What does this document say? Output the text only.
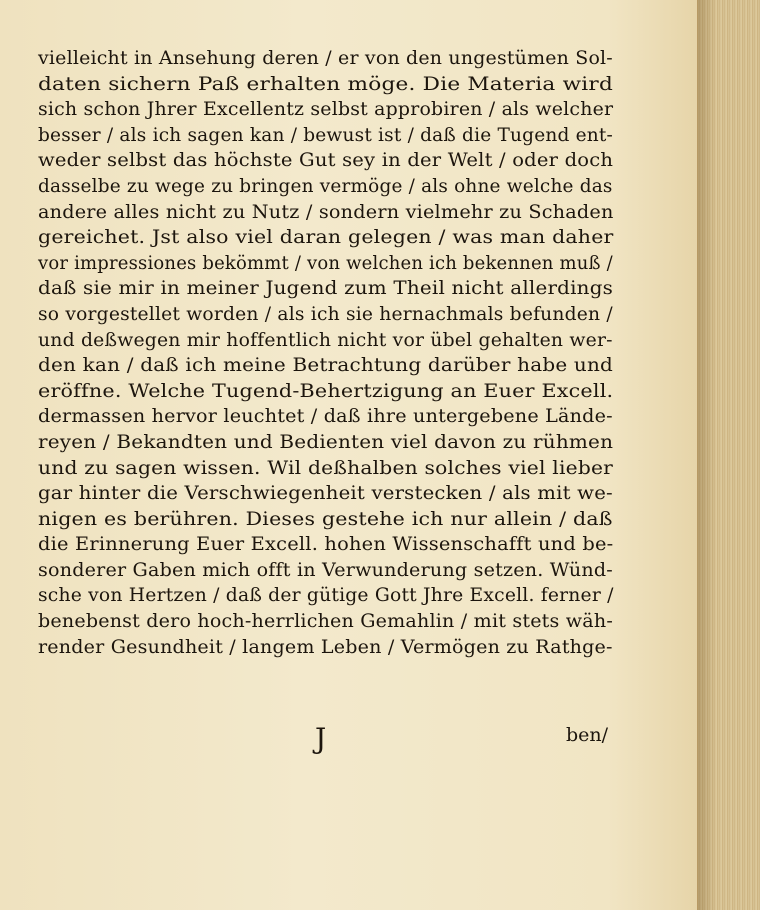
vielleicht in Ansehung deren / er von den ungestümen Sol-
daten sichern Paß erhalten möge. Die Materia wird
sich schon Jhrer Excellentz selbst approbiren / als welcher
besser / als ich sagen kan / bewust ist / daß die Tugend ent-
weder selbst das höchste Gut sey in der Welt / oder doch
dasselbe zu wege zu bringen vermöge / als ohne welche das
andere alles nicht zu Nutz / sondern vielmehr zu Schaden
gereichet. Jst also viel daran gelegen / was man daher
vor impressiones bekömmt / von welchen ich bekennen muß /
daß sie mir in meiner Jugend zum Theil nicht allerdings
so vorgestellet worden / als ich sie hernachmals befunden /
und deßwegen mir hoffentlich nicht vor übel gehalten wer-
den kan / daß ich meine Betrachtung darüber habe und
eröffne. Welche Tugend-Behertzigung an Euer Excell.
dermassen hervor leuchtet / daß ihre untergebene Lände-
reyen / Bekandten und Bedienten viel davon zu rühmen
und zu sagen wissen. Wil deßhalben solches viel lieber
gar hinter die Verschwiegenheit verstecken / als mit we-
nigen es berühren. Dieses gestehe ich nur allein / daß
die Erinnerung Euer Excell. hohen Wissenschafft und be-
sonderer Gaben mich offt in Verwunderung setzen. Wünd-
sche von Hertzen / daß der gütige Gott Jhre Excell. ferner /
benebenst dero hoch-herrlichen Gemahlin / mit stets wäh-
render Gesundheit / langem Leben / Vermögen zu Rathge-
J	ben/
